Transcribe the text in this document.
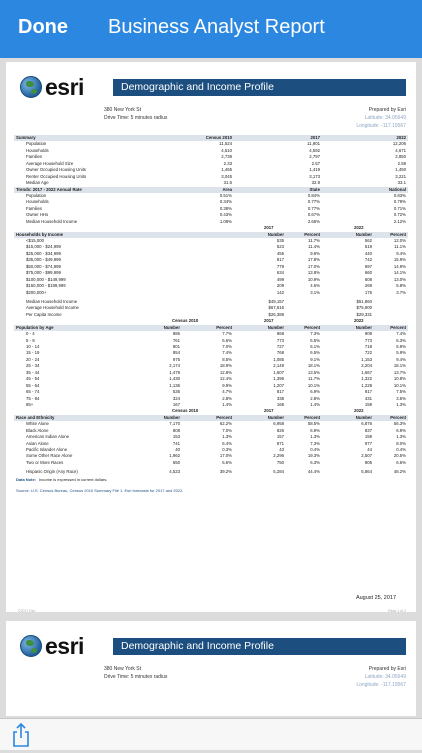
Done Business Analyst Report
esri	Demographic and Income Profile
380 New York St
Drive Time: 5 minutes radius
Prepared by Esri
Latitude: 34.05649
Longitude: -117.19567
Summary	Census 2010	2017	2022
Population	11,524	11,901	12,206
Households	4,510	4,592	4,671
Families	2,739	2,797	2,850
Average Household Size	2.33	2.57	2.59
Owner Occupied Housing Units	1,465	1,419	1,450
Renter Occupied Housing Units	3,045	3,173	3,221
Median Age	31.6	32.9	33.1
Trends: 2017 - 2022 Annual Rate	Area	State	National
Population	0.51%	0.84%	0.83%
Households	0.34%	0.77%	0.79%
Families	0.38%	0.77%	0.71%
Owner HHs	0.43%	0.67%	0.72%
Median Household Income	1.08%	2.66%	2.12%
2017	2022
Households by Income	Number	Percent	Number	Percent
<$15,000	535	11.7%	562	12.0%
$15,000 - $24,999	523	11.4%	519	11.1%
$25,000 - $34,999	455	9.9%	440	9.4%
$35,000 - $49,999	817	17.8%	742	15.9%
$50,000 - $74,999	779	17.0%	697	14.9%
$75,000 - $99,999	634	13.8%	660	14.1%
$100,000 - $149,999	499	10.9%	608	13.0%
$150,000 - $199,999	209	4.6%	269	5.8%
$200,000+	142	3.1%	175	3.7%
Median Household Income	$49,157	$51,860
Average Household Income	$67,616	$75,900
Per Capita Income	$26,388	$29,331
Census 2010	2017	2022
Population by Age	Number	Percent	Number	Percent	Number	Percent
0 - 4	886	7.7%	868	7.3%	909	7.4%
5 - 9	761	6.6%	773	6.5%	773	6.3%
10 - 14	801	7.0%	727	6.1%	718	5.9%
15 - 19	854	7.4%	768	6.5%	722	5.9%
20 - 24	975	8.5%	1,085	9.1%	1,153	9.4%
25 - 34	2,174	18.9%	2,149	18.1%	2,204	18.1%
35 - 44	1,479	12.8%	1,607	13.5%	1,667	13.7%
45 - 54	1,430	12.4%	1,396	11.7%	1,322	10.8%
55 - 64	1,136	9.9%	1,207	10.1%	1,228	10.1%
65 - 74	536	4.7%	817	6.9%	917	7.5%
75 - 84	324	2.8%	338	2.8%	431	3.5%
85+	167	1.4%	168	1.4%	159	1.3%
Census 2010	2017	2022
Race and Ethnicity	Number	Percent	Number	Percent	Number	Percent
White Alone	7,170	62.2%	6,958	58.5%	6,876	56.3%
Black Alone	808	7.0%	826	6.9%	837	6.9%
American Indian Alone	153	1.3%	157	1.3%	159	1.3%
Asian Alone	741	6.4%	871	7.3%	977	8.0%
Pacific Islander Alone	40	0.3%	43	0.4%	44	0.4%
Some Other Race Alone	1,962	17.0%	2,296	19.3%	2,507	20.5%
Two or More Races	650	5.6%	750	6.3%	806	6.6%
Hispanic Origin (Any Race)	4,523	39.2%	5,284	44.4%	5,864	48.2%
Data Note: Income is expressed in current dollars.
Source: U.S. Census Bureau, Census 2010 Summary File 1. Esri forecasts for 2017 and 2022.
August 25, 2017
©2017 Esri	Page 1 of 2
esri	Demographic and Income Profile
380 New York St
Drive Time: 5 minutes radius
Prepared by Esri
Latitude: 34.05649
Longitude: -117.19567
